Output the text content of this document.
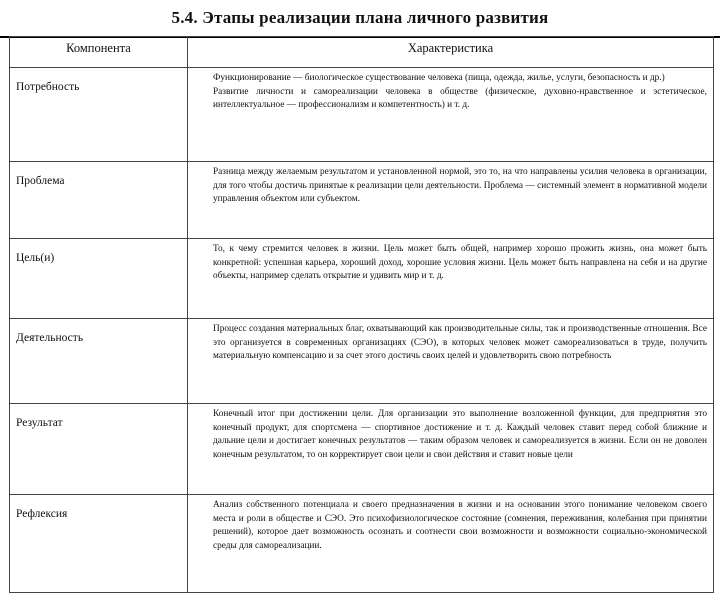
5.4. Этапы реализации плана личного развития
Компонента	Характеристика
Потребность	Функционирование — биологическое существование человека (пища, одежда, жилье, услуги, безопасность и др.)

Развитие личности и самореализации человека в обществе (физическое, духовно-нравственное и эстетическое, интеллектуальное — профессионализм и компетентность) и т. д.

Проблема	Разница между желаемым результатом и установленной нормой, это то, на что направлены усилия человека в организации, для того чтобы достичь принятые к реализации цели деятельности. Проблема — системный элемент в нормативной модели управления объектом или субъектом.

Цель(и)	То, к чему стремится человек в жизни. Цель может быть общей, например хорошо прожить жизнь, она может быть конкретной: успешная карьера, хороший доход, хорошие условия жизни. Цель может быть направлена на себя и на другие объекты, например сделать открытие и удивить мир и т. д.

Деятельность	Процесс создания материальных благ, охватывающий как производительные силы, так и производственные отношения. Все это организуется в современных организациях (СЭО), в которых человек может самореализоваться в труде, получить материальную компенсацию и за счет этого достичь своих целей и удовлетворить свою потребность

Результат	Конечный итог при достижении цели. Для организации это выполнение возложенной функции, для предприятия это конечный продукт, для спортсмена — спортивное достижение и т. д. Каждый человек ставит перед собой ближние и дальние цели и достигает конечных результатов — таким образом человек и самореализуется в жизни. Если он не доволен конечным результатом, то он корректирует свои цели и свои действия и ставит новые цели

Рефлексия	Анализ собственного потенциала и своего предназначения в жизни и на основании этого понимание человеком своего места и роли в обществе и СЭО. Это психофизиологическое состояние (сомнения, переживания, колебания при принятии решений), которое дает возможность осознать и соотнести свои возможности и возможности социально-экономической среды для самореализации.
